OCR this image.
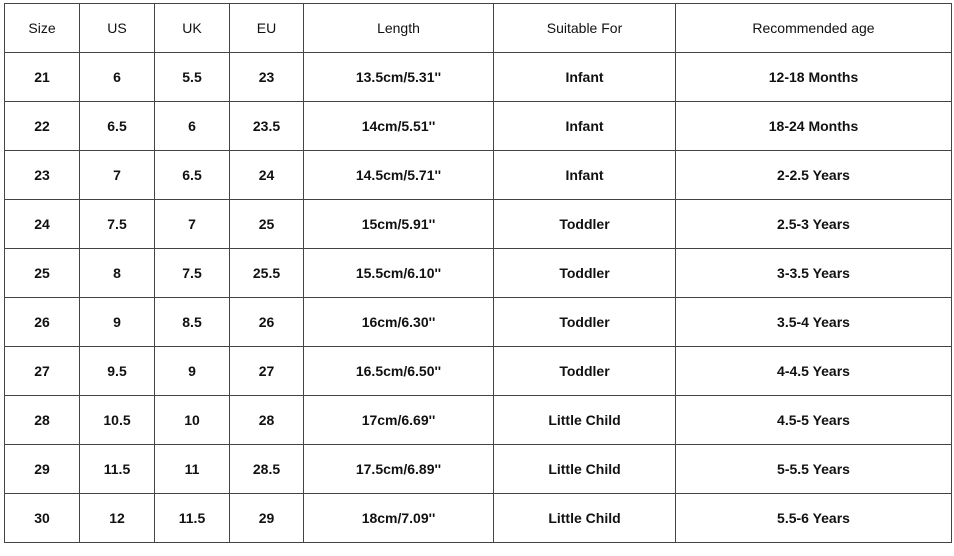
Size	US	UK	EU	Length	Suitable For	Recommended age
21	6	5.5	23	13.5cm/5.31''	Infant	12-18 Months
22	6.5	6	23.5	14cm/5.51''	Infant	18-24 Months
23	7	6.5	24	14.5cm/5.71''	Infant	2-2.5 Years
24	7.5	7	25	15cm/5.91''	Toddler	2.5-3 Years
25	8	7.5	25.5	15.5cm/6.10''	Toddler	3-3.5 Years
26	9	8.5	26	16cm/6.30''	Toddler	3.5-4 Years
27	9.5	9	27	16.5cm/6.50''	Toddler	4-4.5 Years
28	10.5	10	28	17cm/6.69''	Little Child	4.5-5 Years
29	11.5	11	28.5	17.5cm/6.89''	Little Child	5-5.5 Years
30	12	11.5	29	18cm/7.09''	Little Child	5.5-6 Years
